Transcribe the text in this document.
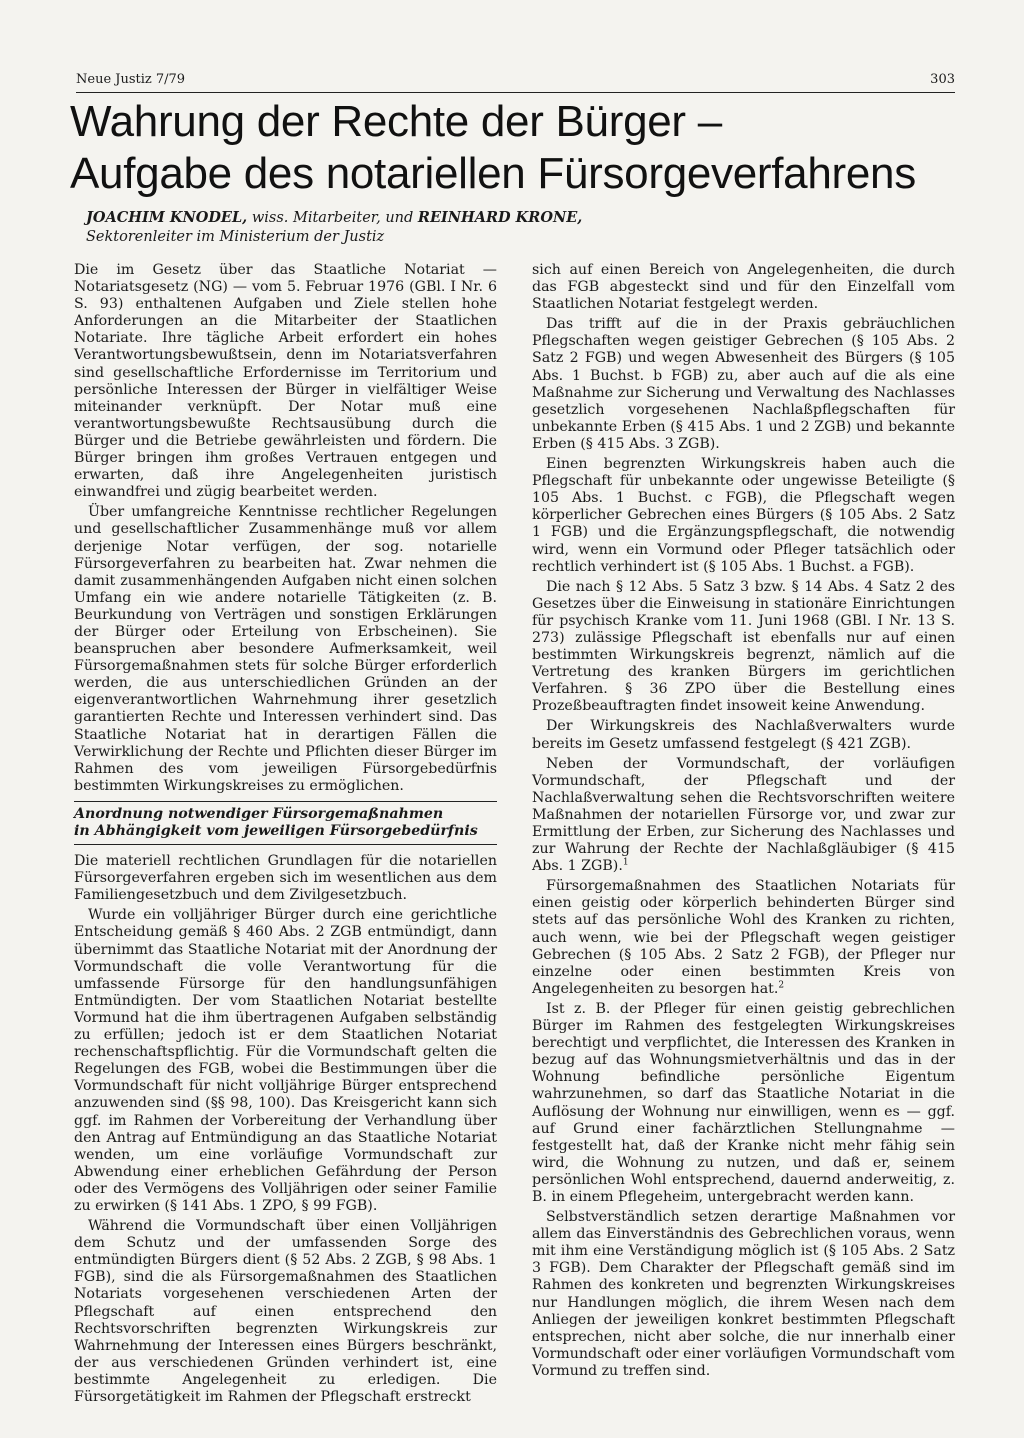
Neue Justiz 7/79	303
Wahrung der Rechte der Bürger –
Aufgabe des notariellen Fürsorgeverfahrens
JOACHIM KNODEL, wiss. Mitarbeiter, und REINHARD KRONE,
Sektorenleiter im Ministerium der Justiz

Die im Gesetz über das Staatliche Notariat — Notariatsgesetz (NG) — vom 5. Februar 1976 (GBl. I Nr. 6 S. 93) enthaltenen Aufgaben und Ziele stellen hohe Anforderungen an die Mitarbeiter der Staatlichen Notariate. Ihre tägliche Arbeit erfordert ein hohes Verantwortungsbewußtsein, denn im Notariatsverfahren sind gesellschaftliche Erfordernisse im Territorium und persönliche Interessen der Bürger in vielfältiger Weise miteinander verknüpft. Der Notar muß eine verantwortungsbewußte Rechtsausübung durch die Bürger und die Betriebe gewährleisten und fördern. Die Bürger bringen ihm großes Vertrauen entgegen und erwarten, daß ihre Angelegenheiten juristisch einwandfrei und zügig bearbeitet werden.

Über umfangreiche Kenntnisse rechtlicher Regelungen und gesellschaftlicher Zusammenhänge muß vor allem derjenige Notar verfügen, der sog. notarielle Fürsorgeverfahren zu bearbeiten hat. Zwar nehmen die damit zusammenhängenden Aufgaben nicht einen solchen Umfang ein wie andere notarielle Tätigkeiten (z. B. Beurkundung von Verträgen und sonstigen Erklärungen der Bürger oder Erteilung von Erbscheinen). Sie beanspruchen aber besondere Aufmerksamkeit, weil Fürsorgemaßnahmen stets für solche Bürger erforderlich werden, die aus unterschiedlichen Gründen an der eigenverantwortlichen Wahrnehmung ihrer gesetzlich garantierten Rechte und Interessen verhindert sind. Das Staatliche Notariat hat in derartigen Fällen die Verwirklichung der Rechte und Pflichten dieser Bürger im Rahmen des vom jeweiligen Fürsorgebedürfnis bestimmten Wirkungskreises zu ermöglichen.

Anordnung notwendiger Fürsorgemaßnahmen
in Abhängigkeit vom jeweiligen Fürsorgebedürfnis

Die materiell rechtlichen Grundlagen für die notariellen Fürsorgeverfahren ergeben sich im wesentlichen aus dem Familiengesetzbuch und dem Zivilgesetzbuch.

Wurde ein volljähriger Bürger durch eine gerichtliche Entscheidung gemäß § 460 Abs. 2 ZGB entmündigt, dann übernimmt das Staatliche Notariat mit der Anordnung der Vormundschaft die volle Verantwortung für die umfassende Fürsorge für den handlungsunfähigen Entmündigten. Der vom Staatlichen Notariat bestellte Vormund hat die ihm übertragenen Aufgaben selbständig zu erfüllen; jedoch ist er dem Staatlichen Notariat rechenschaftspflichtig. Für die Vormundschaft gelten die Regelungen des FGB, wobei die Bestimmungen über die Vormundschaft für nicht volljährige Bürger entsprechend anzuwenden sind (§§ 98, 100). Das Kreisgericht kann sich ggf. im Rahmen der Vorbereitung der Verhandlung über den Antrag auf Entmündigung an das Staatliche Notariat wenden, um eine vorläufige Vormundschaft zur Abwendung einer erheblichen Gefährdung der Person oder des Vermögens des Volljährigen oder seiner Familie zu erwirken (§ 141 Abs. 1 ZPO, § 99 FGB).

Während die Vormundschaft über einen Volljährigen dem Schutz und der umfassenden Sorge des entmündigten Bürgers dient (§ 52 Abs. 2 ZGB, § 98 Abs. 1 FGB), sind die als Fürsorgemaßnahmen des Staatlichen Notariats vorgesehenen verschiedenen Arten der Pflegschaft auf einen entsprechend den Rechtsvorschriften begrenzten Wirkungskreis zur Wahrnehmung der Interessen eines Bürgers beschränkt, der aus verschiedenen Gründen verhindert ist, eine bestimmte Angelegenheit zu erledigen. Die Fürsorgetätigkeit im Rahmen der Pflegschaft erstreckt

sich auf einen Bereich von Angelegenheiten, die durch das FGB abgesteckt sind und für den Einzelfall vom Staatlichen Notariat festgelegt werden.

Das trifft auf die in der Praxis gebräuchlichen Pflegschaften wegen geistiger Gebrechen (§ 105 Abs. 2 Satz 2 FGB) und wegen Abwesenheit des Bürgers (§ 105 Abs. 1 Buchst. b FGB) zu, aber auch auf die als eine Maßnahme zur Sicherung und Verwaltung des Nachlasses gesetzlich vorgesehenen Nachlaßpflegschaften für unbekannte Erben (§ 415 Abs. 1 und 2 ZGB) und bekannte Erben (§ 415 Abs. 3 ZGB).

Einen begrenzten Wirkungskreis haben auch die Pflegschaft für unbekannte oder ungewisse Beteiligte (§ 105 Abs. 1 Buchst. c FGB), die Pflegschaft wegen körperlicher Gebrechen eines Bürgers (§ 105 Abs. 2 Satz 1 FGB) und die Ergänzungspflegschaft, die notwendig wird, wenn ein Vormund oder Pfleger tatsächlich oder rechtlich verhindert ist (§ 105 Abs. 1 Buchst. a FGB).

Die nach § 12 Abs. 5 Satz 3 bzw. § 14 Abs. 4 Satz 2 des Gesetzes über die Einweisung in stationäre Einrichtungen für psychisch Kranke vom 11. Juni 1968 (GBl. I Nr. 13 S. 273) zulässige Pflegschaft ist ebenfalls nur auf einen bestimmten Wirkungskreis begrenzt, nämlich auf die Vertretung des kranken Bürgers im gerichtlichen Verfahren. § 36 ZPO über die Bestellung eines Prozeßbeauftragten findet insoweit keine Anwendung.

Der Wirkungskreis des Nachlaßverwalters wurde bereits im Gesetz umfassend festgelegt (§ 421 ZGB).

Neben der Vormundschaft, der vorläufigen Vormundschaft, der Pflegschaft und der Nachlaßverwaltung sehen die Rechtsvorschriften weitere Maßnahmen der notariellen Fürsorge vor, und zwar zur Ermittlung der Erben, zur Sicherung des Nachlasses und zur Wahrung der Rechte der Nachlaßgläubiger (§ 415 Abs. 1 ZGB).$^1$

Fürsorgemaßnahmen des Staatlichen Notariats für einen geistig oder körperlich behinderten Bürger sind stets auf das persönliche Wohl des Kranken zu richten, auch wenn, wie bei der Pflegschaft wegen geistiger Gebrechen (§ 105 Abs. 2 Satz 2 FGB), der Pfleger nur einzelne oder einen bestimmten Kreis von Angelegenheiten zu besorgen hat.$^2$

Ist z. B. der Pfleger für einen geistig gebrechlichen Bürger im Rahmen des festgelegten Wirkungskreises berechtigt und verpflichtet, die Interessen des Kranken in bezug auf das Wohnungsmietverhältnis und das in der Wohnung befindliche persönliche Eigentum wahrzunehmen, so darf das Staatliche Notariat in die Auflösung der Wohnung nur einwilligen, wenn es — ggf. auf Grund einer fachärztlichen Stellungnahme — festgestellt hat, daß der Kranke nicht mehr fähig sein wird, die Wohnung zu nutzen, und daß er, seinem persönlichen Wohl entsprechend, dauernd anderweitig, z. B. in einem Pflegeheim, untergebracht werden kann.

Selbstverständlich setzen derartige Maßnahmen vor allem das Einverständnis des Gebrechlichen voraus, wenn mit ihm eine Verständigung möglich ist (§ 105 Abs. 2 Satz 3 FGB). Dem Charakter der Pflegschaft gemäß sind im Rahmen des konkreten und begrenzten Wirkungskreises nur Handlungen möglich, die ihrem Wesen nach dem Anliegen der jeweiligen konkret bestimmten Pflegschaft entsprechen, nicht aber solche, die nur innerhalb einer Vormundschaft oder einer vorläufigen Vormundschaft vom Vormund zu treffen sind.
